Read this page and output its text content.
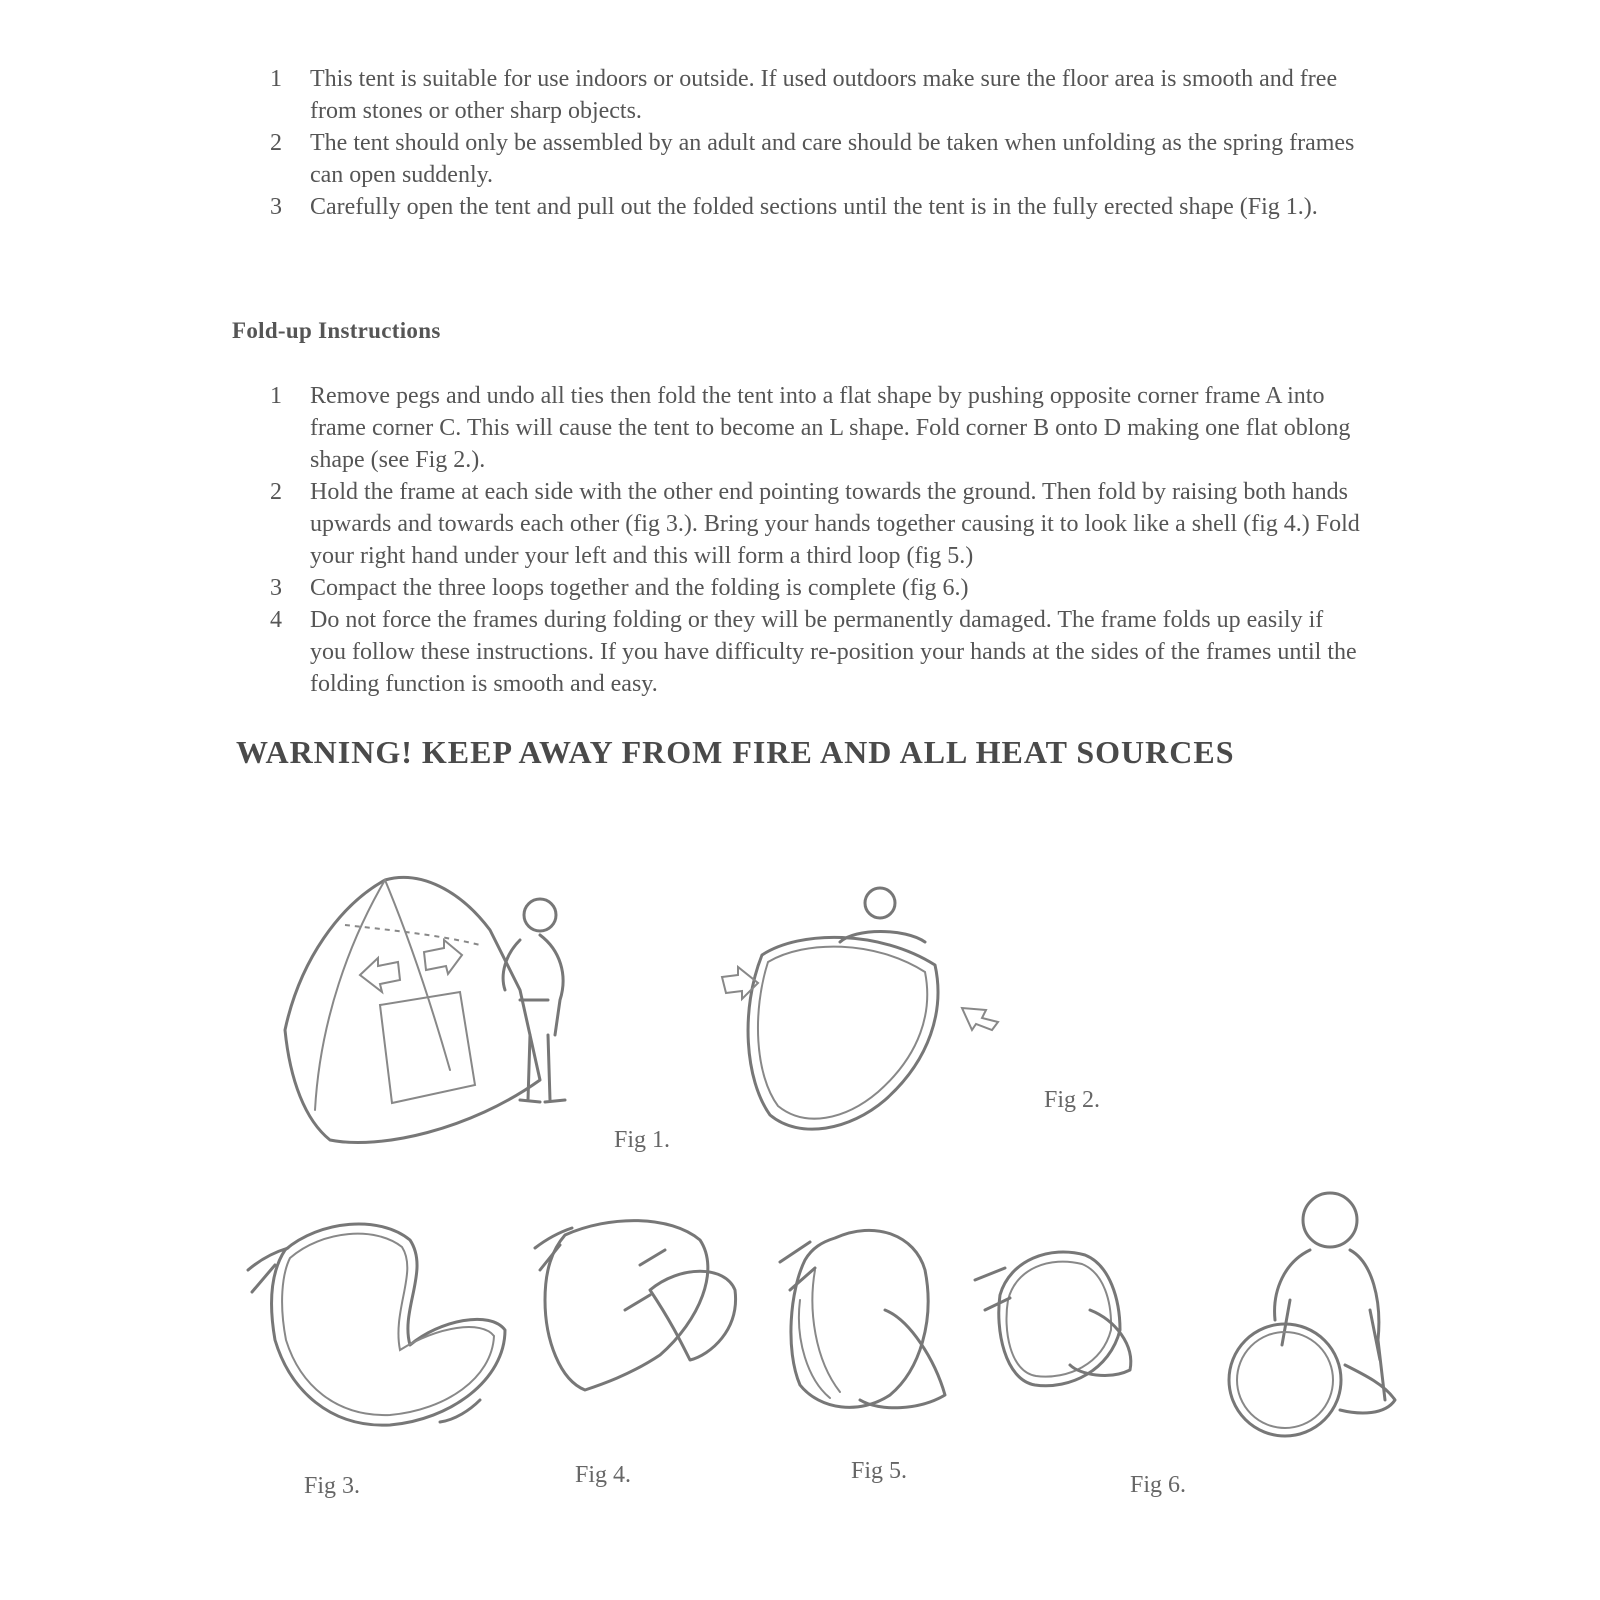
1	This tent is suitable for use indoors or outside. If used outdoors make sure the floor area is smooth and free from stones or other sharp objects.
2	The tent should only be assembled by an adult and care should be taken when unfolding as the spring frames can open suddenly.
3	Carefully open the tent and pull out the folded sections until the tent is in the fully erected shape (Fig 1.).
Fold-up Instructions
1	Remove pegs and undo all ties then fold the tent into a flat shape by pushing opposite corner frame A into frame corner C. This will cause the tent to become an L shape. Fold corner B onto D making one flat oblong shape (see Fig 2.).
2	Hold the frame at each side with the other end pointing towards the ground. Then fold by raising both hands upwards and towards each other (fig 3.). Bring your hands together causing it to look like a shell (fig 4.) Fold your right hand under your left and this will form a third loop (fig 5.)
3	Compact the three loops together and the folding is complete (fig 6.)
4	Do not force the frames during folding or they will be permanently damaged. The frame folds up easily if you follow these instructions. If you have difficulty re-position your hands at the sides of the frames until the folding function is smooth and easy.
WARNING! KEEP AWAY FROM FIRE AND ALL HEAT SOURCES
Fig 1.
Fig 2.
Fig 3.	Fig 4.	Fig 5.
Fig 6.
